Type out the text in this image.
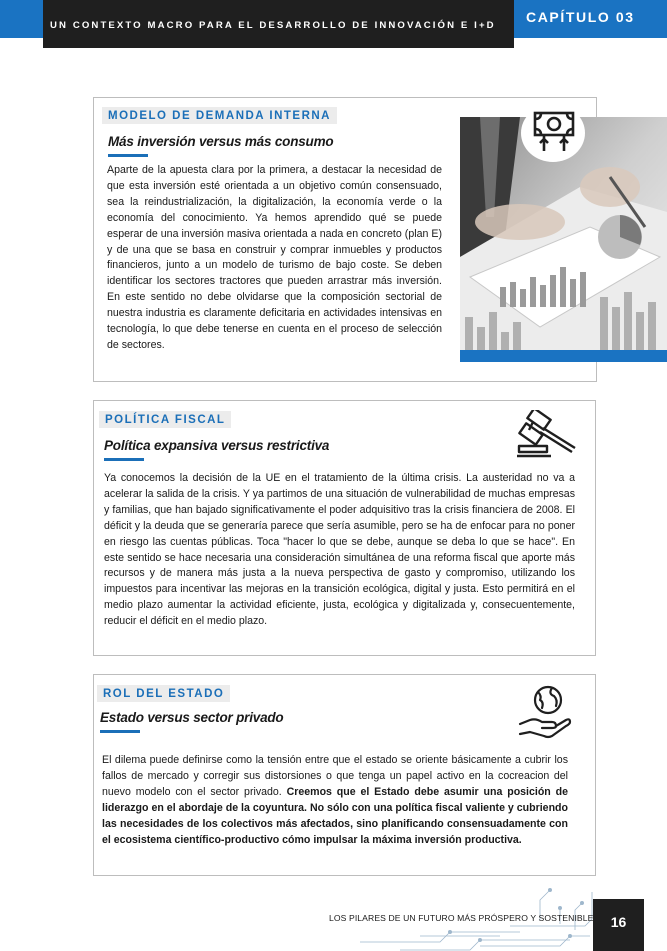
UN CONTEXTO MACRO PARA EL DESARROLLO DE INNOVACIÓN E I+D
CAPÍTULO 03
MODELO DE DEMANDA INTERNA
Más inversión versus más consumo

Aparte de la apuesta clara por la primera, a destacar la necesidad de que esta inversión esté orientada a un objetivo común consensuado, sea la reindustrialización, la digitalización, la economía verde o la economía del conocimiento. Ya hemos aprendido qué se puede esperar de una inversión masiva orientada a nada en concreto (plan E) y de una que se basa en construir y comprar inmuebles y productos financieros, junto a un modelo de turismo de bajo coste. Se deben identificar los sectores tractores que pueden arrastrar más inversión. En este sentido no debe olvidarse que la composición sectorial de nuestra industria es claramente deficitaria en actividades intensivas en tecnología, lo que debe tenerse en cuenta en el proceso de selección de sectores.

POLÍTICA FISCAL
Política expansiva versus restrictiva

Ya conocemos la decisión de la UE en el tratamiento de la última crisis. La austeridad no va a acelerar la salida de la crisis. Y ya partimos de una situación de vulnerabilidad de muchas empresas y familias, que han bajado significativamente el poder adquisitivo tras la crisis financiera de 2008. El déficit y la deuda que se generaría parece que sería asumible, pero se ha de enfocar para no poner en riesgo las cuentas públicas. Toca "hacer lo que se debe, aunque se deba lo que se hace". En este sentido se hace necesaria una consideración simultánea de una reforma fiscal que aporte más recursos y de manera más justa a la nueva perspectiva de gasto y compromiso, utilizando los impuestos para incentivar las mejoras en la transición ecológica, digital y justa. Esto permitirá en el medio plazo aumentar la actividad eficiente, justa, ecológica y digitalizada y, consecuentemente, reducir el déficit en el medio plazo.

ROL DEL ESTADO
Estado versus sector privado

El dilema puede definirse como la tensión entre que el estado se oriente básicamente a cubrir los fallos de mercado y corregir sus distorsiones o que tenga un papel activo en la cocreacion del nuevo modelo con el sector privado. Creemos que el Estado debe asumir una posición de liderazgo en el abordaje de la coyuntura. No sólo con una política fiscal valiente y cubriendo las necesidades de los colectivos más afectados, sino planificando consensuadamente con el ecosistema científico-productivo cómo impulsar la máxima inversión productiva.

LOS PILARES DE UN FUTURO MÁS PRÓSPERO Y SOSTENIBLE	16
